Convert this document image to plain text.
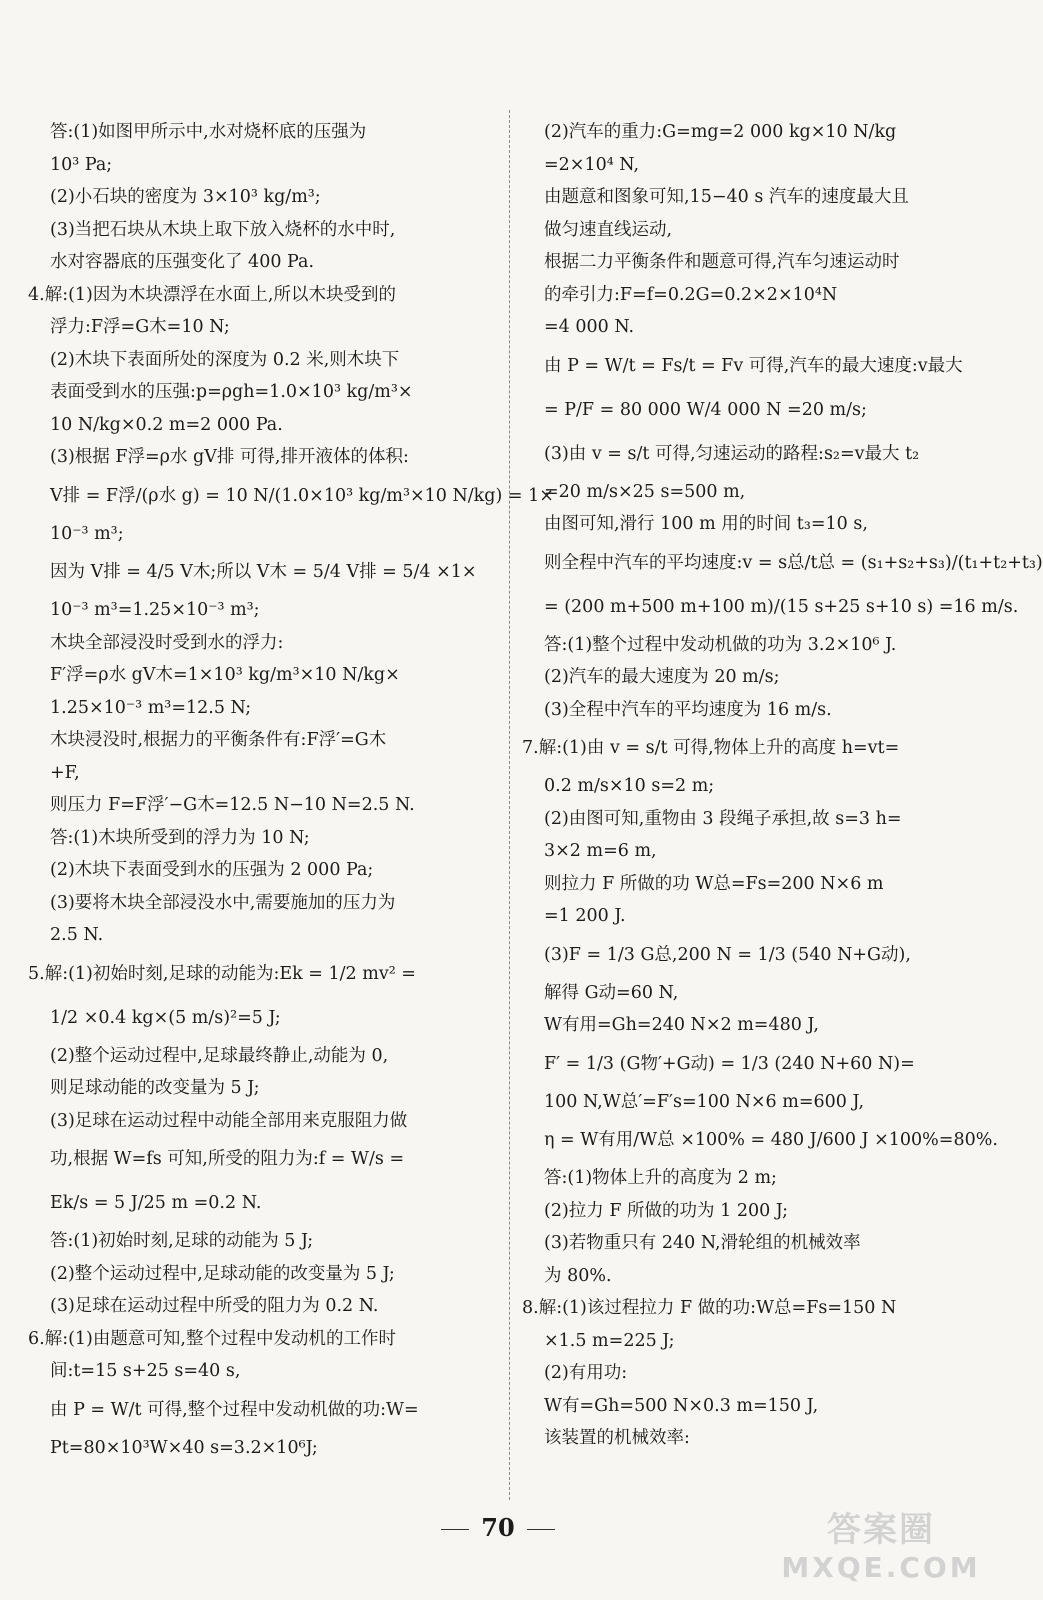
答:(1)如图甲所示中,水对烧杯底的压强为
10³ Pa;
(2)小石块的密度为 3×10³ kg/m³;
(3)当把石块从木块上取下放入烧杯的水中时,
水对容器底的压强变化了 400 Pa.
4.解:(1)因为木块漂浮在水面上,所以木块受到的
浮力:F浮=G木=10 N;
(2)木块下表面所处的深度为 0.2 米,则木块下
表面受到水的压强:p=ρgh=1.0×10³ kg/m³×
10 N/kg×0.2 m=2 000 Pa.
(3)根据 F浮=ρ水 gV排 可得,排开液体的体积:
V排 = F浮/(ρ水 g) = 10 N/(1.0×10³ kg/m³×10 N/kg) = 1×
10⁻³ m³;
因为 V排 = 4/5 V木;所以 V木 = 5/4 V排 = 5/4 ×1×
10⁻³ m³=1.25×10⁻³ m³;
木块全部浸没时受到水的浮力:
F′浮=ρ水 gV木=1×10³ kg/m³×10 N/kg×
1.25×10⁻³ m³=12.5 N;
木块浸没时,根据力的平衡条件有:F浮′=G木
+F,
则压力 F=F浮′−G木=12.5 N−10 N=2.5 N.
答:(1)木块所受到的浮力为 10 N;
(2)木块下表面受到水的压强为 2 000 Pa;
(3)要将木块全部浸没水中,需要施加的压力为
2.5 N.
5.解:(1)初始时刻,足球的动能为:Ek = 1/2 mv² =
1/2 ×0.4 kg×(5 m/s)²=5 J;
(2)整个运动过程中,足球最终静止,动能为 0,
则足球动能的改变量为 5 J;
(3)足球在运动过程中动能全部用来克服阻力做
功,根据 W=fs 可知,所受的阻力为:f = W/s =
Ek/s = 5 J/25 m =0.2 N.
答:(1)初始时刻,足球的动能为 5 J;
(2)整个运动过程中,足球动能的改变量为 5 J;
(3)足球在运动过程中所受的阻力为 0.2 N.
6.解:(1)由题意可知,整个过程中发动机的工作时
间:t=15 s+25 s=40 s,
由 P = W/t 可得,整个过程中发动机做的功:W=
Pt=80×10³W×40 s=3.2×10⁶J;
(2)汽车的重力:G=mg=2 000 kg×10 N/kg
=2×10⁴ N,
由题意和图象可知,15−40 s 汽车的速度最大且
做匀速直线运动,
根据二力平衡条件和题意可得,汽车匀速运动时
的牵引力:F=f=0.2G=0.2×2×10⁴N
=4 000 N.
由 P = W/t = Fs/t = Fv 可得,汽车的最大速度:v最大
= P/F = 80 000 W/4 000 N =20 m/s;
(3)由 v = s/t 可得,匀速运动的路程:s₂=v最大 t₂
=20 m/s×25 s=500 m,
由图可知,滑行 100 m 用的时间 t₃=10 s,
则全程中汽车的平均速度:v = s总/t总 = (s₁+s₂+s₃)/(t₁+t₂+t₃)
= (200 m+500 m+100 m)/(15 s+25 s+10 s) =16 m/s.
答:(1)整个过程中发动机做的功为 3.2×10⁶ J.
(2)汽车的最大速度为 20 m/s;
(3)全程中汽车的平均速度为 16 m/s.
7.解:(1)由 v = s/t 可得,物体上升的高度 h=vt=
0.2 m/s×10 s=2 m;
(2)由图可知,重物由 3 段绳子承担,故 s=3 h=
3×2 m=6 m,
则拉力 F 所做的功 W总=Fs=200 N×6 m
=1 200 J.
(3)F = 1/3 G总,200 N = 1/3 (540 N+G动),
解得 G动=60 N,
W有用=Gh=240 N×2 m=480 J,
F′ = 1/3 (G物′+G动) = 1/3 (240 N+60 N)=
100 N,W总′=F′s=100 N×6 m=600 J,
η = W有用/W总 ×100% = 480 J/600 J ×100%=80%.
答:(1)物体上升的高度为 2 m;
(2)拉力 F 所做的功为 1 200 J;
(3)若物重只有 240 N,滑轮组的机械效率
为 80%.
8.解:(1)该过程拉力 F 做的功:W总=Fs=150 N
×1.5 m=225 J;
(2)有用功:
W有=Gh=500 N×0.3 m=150 J,
该装置的机械效率:
70	答案圈
MXQE.COM
